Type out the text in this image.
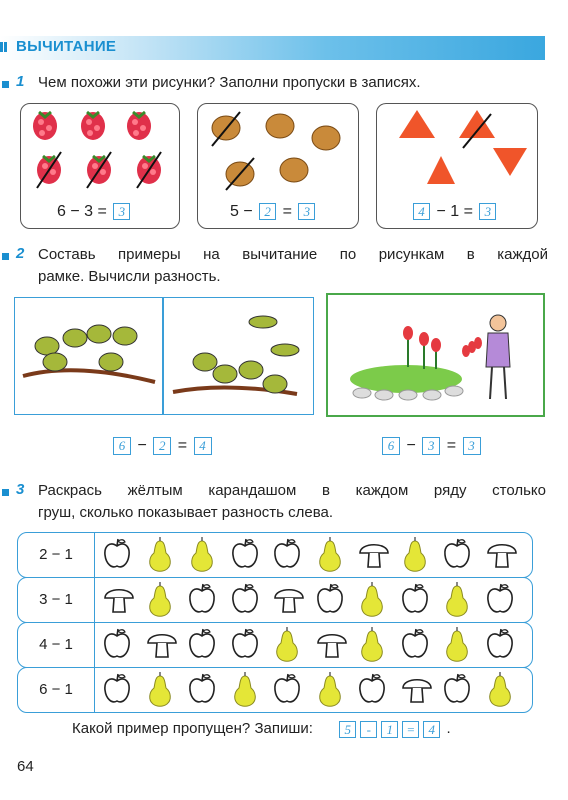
ВЫЧИТАНИЕ
1 Чем похожи эти рисунки? Заполни пропуски в записях.
6 − 3 = 3	5 − 2 = 3	4 − 1 = 3
2 Составь примеры на вычитание по рисункам в каждой
рамке. Вычисли разность.
6 − 2 = 4	6 − 3 = 3
3 Раскрась жёлтым карандашом в каждом ряду столько
груш, сколько показывает разность слева.
2 − 1
3 − 1
4 − 1
6 − 1
Какой пример пропущен? Запиши: 5 - 1 = 4 .
64
